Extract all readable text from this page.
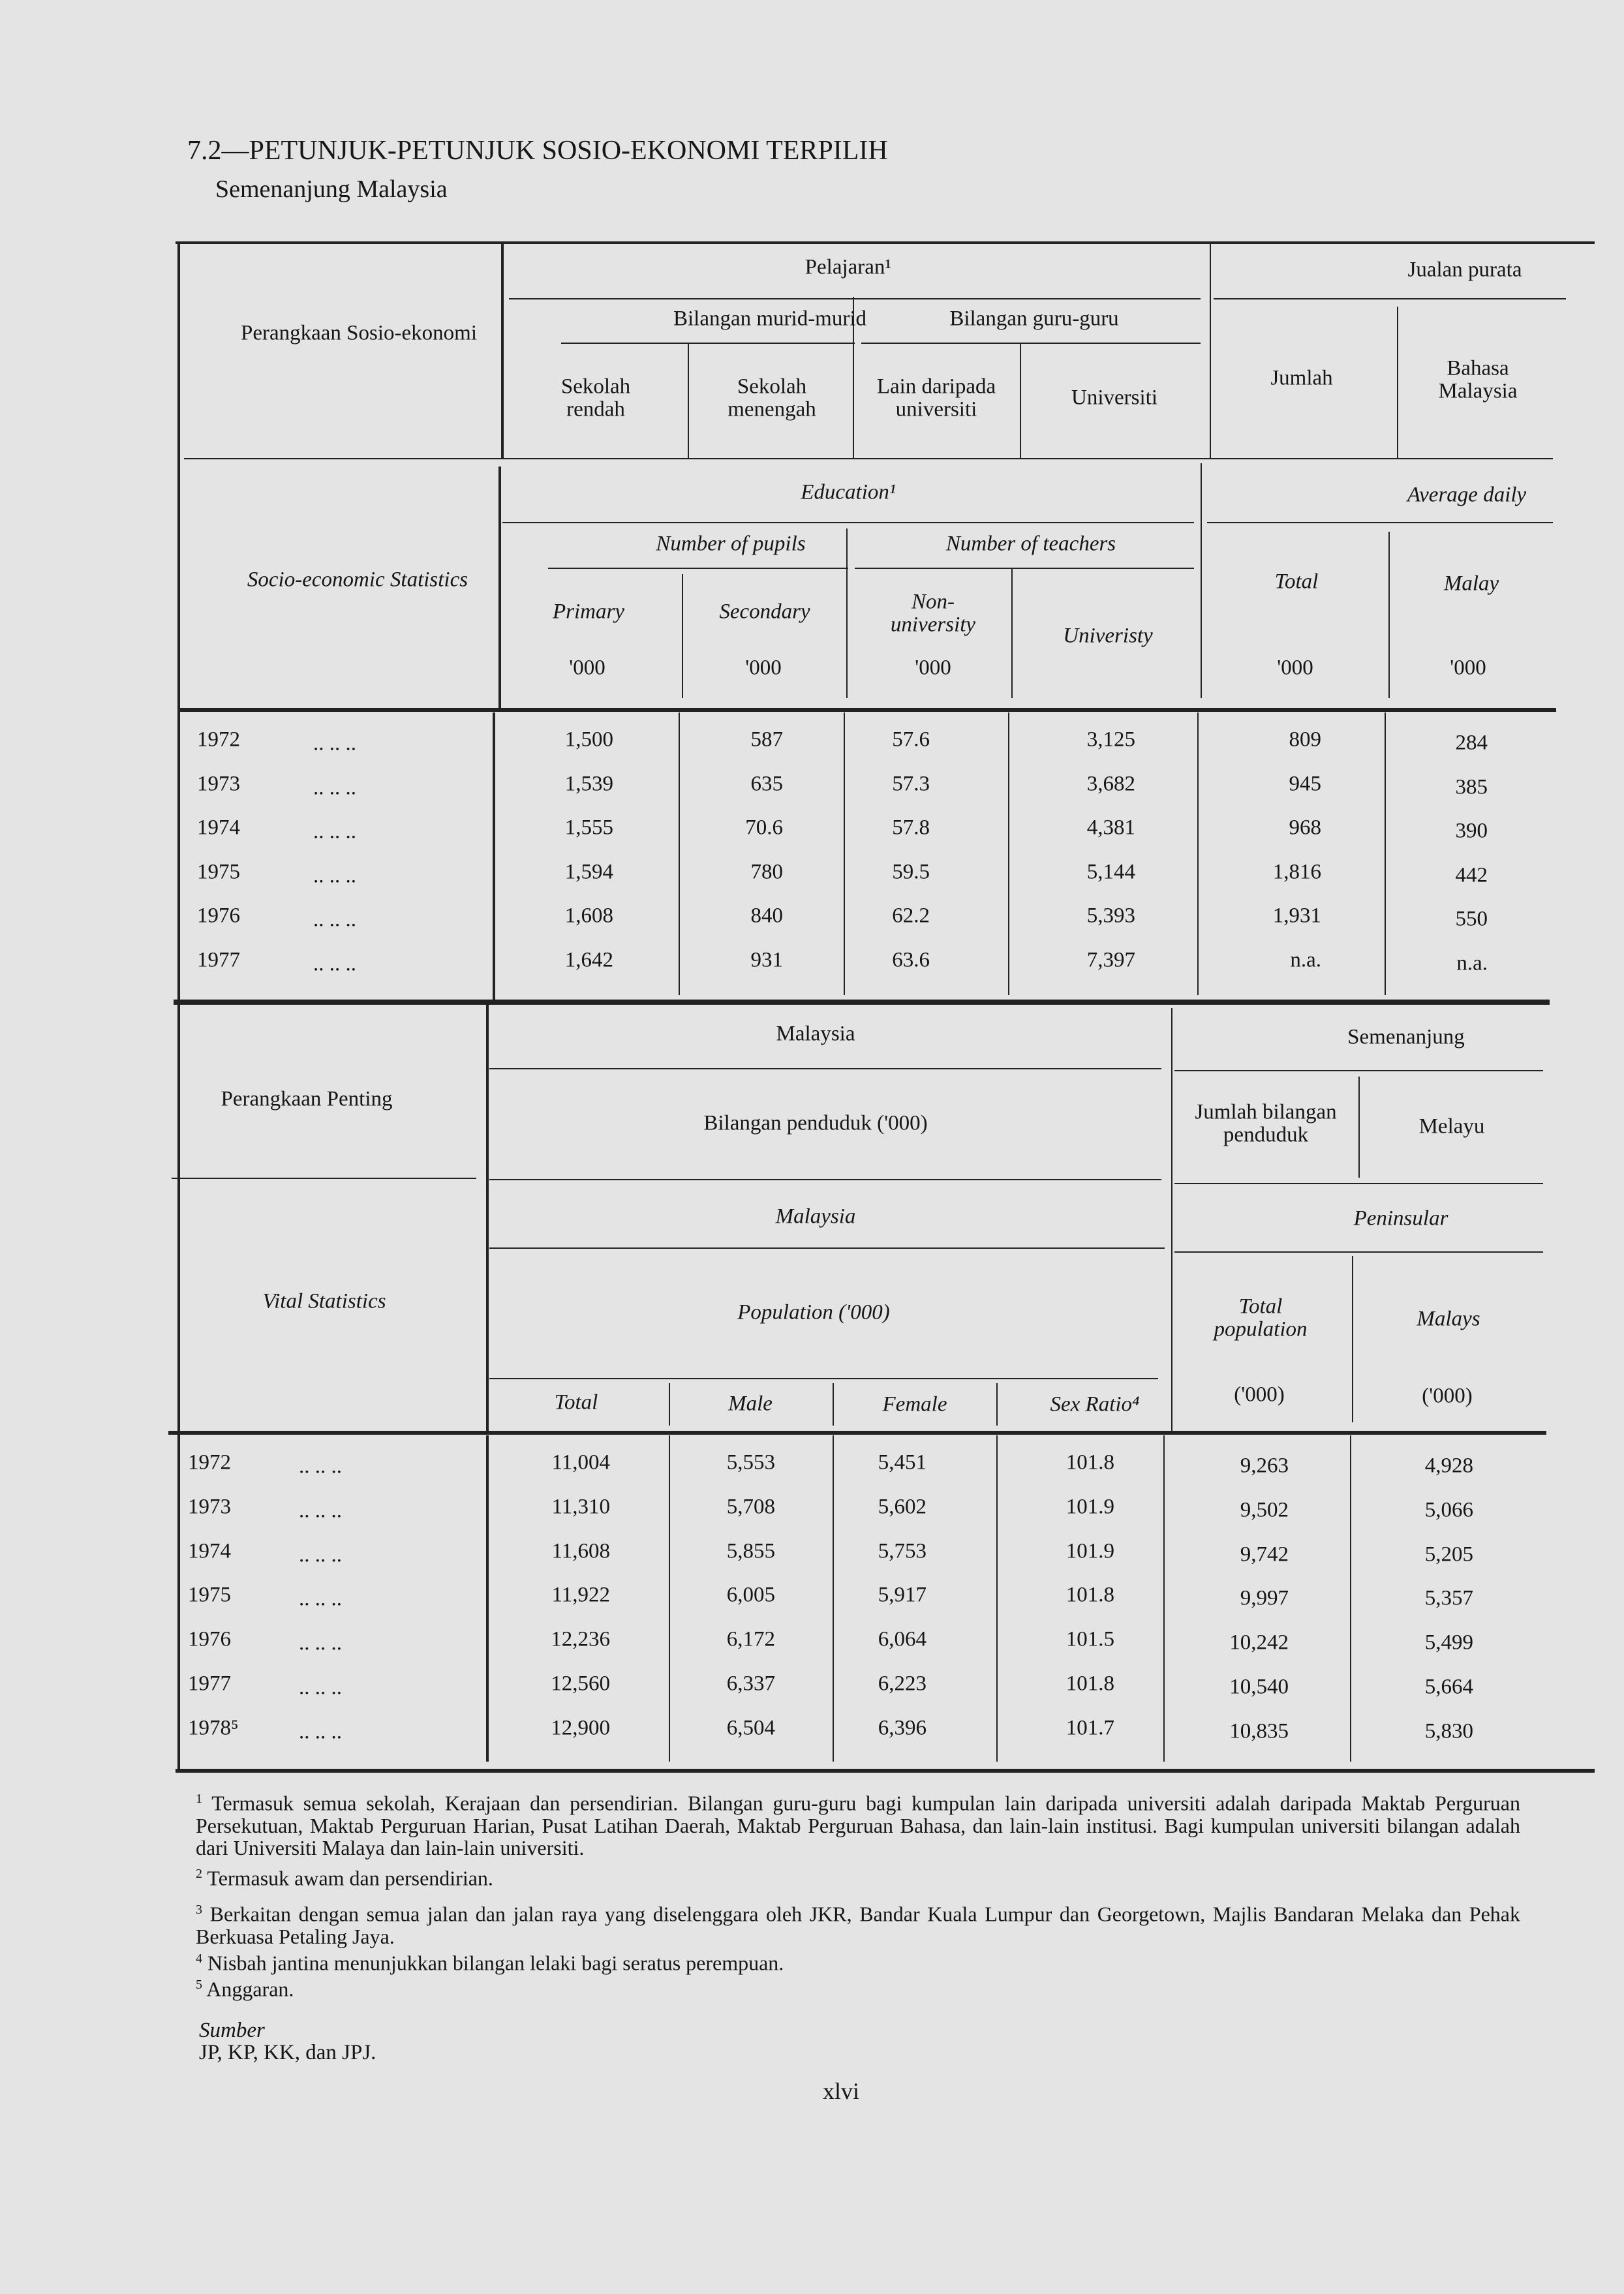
7.2—PETUNJUK-PETUNJUK SOSIO-EKONOMI TERPILIH
Semenanjung Malaysia
Perangkaan Sosio-ekonomi
Pelajaran¹
Bilangan murid-murid	Bilangan guru-guru
Sekolah
rendah
Sekolah
menengah
Lain daripada
universiti	Universiti
Jualan purata
Jumlah	Bahasa
Malaysia
Socio-economic Statistics
Education¹
Number of pupils	Number of teachers
Primary	Secondary	Non-
university	Univeristy
Average daily
Total	Malay
'000	'000	'000	'000	'000
1972	.. .. ..	1,500	587	57.6	3,125	809	284
1973	.. .. ..	1,539	635	57.3	3,682	945	385
1974	.. .. ..	1,555	70.6	57.8	4,381	968	390
1975	.. .. ..	1,594	780	59.5	5,144	1,816	442
1976	.. .. ..	1,608	840	62.2	5,393	1,931	550
1977	.. .. ..	1,642	931	63.6	7,397	n.a.	n.a.
Perangkaan Penting
Malaysia
Bilangan penduduk ('000)
Semenanjung
Jumlah bilangan
penduduk	Melayu
Vital Statistics
Malaysia
Population ('000)
Peninsular
Total
population	Malays
Total	Male	Female	Sex Ratio⁴	('000)	('000)
1972	.. .. ..	11,004	5,553	5,451	101.8	9,263	4,928
1973	.. .. ..	11,310	5,708	5,602	101.9	9,502	5,066
1974	.. .. ..	11,608	5,855	5,753	101.9	9,742	5,205
1975	.. .. ..	11,922	6,005	5,917	101.8	9,997	5,357
1976	.. .. ..	12,236	6,172	6,064	101.5	10,242	5,499
1977	.. .. ..	12,560	6,337	6,223	101.8	10,540	5,664
1978⁵	.. .. ..	12,900	6,504	6,396	101.7	10,835	5,830
$^1$ Termasuk semua sekolah, Kerajaan dan persendirian. Bilangan guru-guru bagi kumpulan lain daripada universiti adalah daripada Maktab Perguruan Persekutuan, Maktab Perguruan Harian, Pusat Latihan Daerah, Maktab Perguruan Bahasa, dan lain-lain institusi. Bagi kumpulan universiti bilangan adalah dari Universiti Malaya dan lain-lain universiti.
$^2$ Termasuk awam dan persendirian.
$^3$ Berkaitan dengan semua jalan dan jalan raya yang diselenggara oleh JKR, Bandar Kuala Lumpur dan Georgetown, Majlis Bandaran Melaka dan Pehak Berkuasa Petaling Jaya.
$^4$ Nisbah jantina menunjukkan bilangan lelaki bagi seratus perempuan.
$^5$ Anggaran.

Sumber
JP, KP, KK, dan JPJ.

xlvi
